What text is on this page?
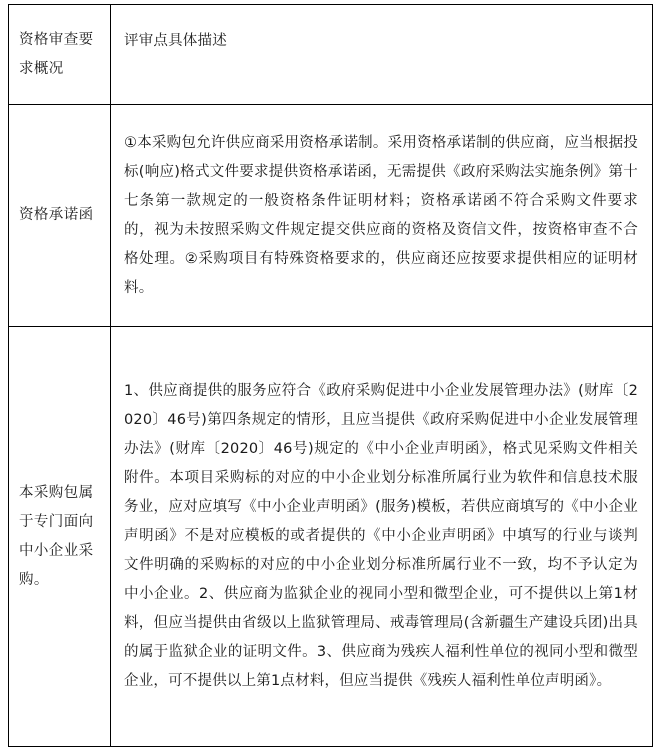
资格审查要求概况	评审点具体描述

资格承诺函	①本采购包允许供应商采用资格承诺制。采用资格承诺制的供应商，应当根据投标(响应)格式文件要求提供资格承诺函，无需提供《政府采购法实施条例》第十七条第一款规定的一般资格条件证明材料；资格承诺函不符合采购文件要求的，视为未按照采购文件规定提交供应商的资格及资信文件，按资格审查不合格处理。②采购项目有特殊资格要求的，供应商还应按要求提供相应的证明材料。

本采购包属于专门面向中小企业采购。	1、供应商提供的服务应符合《政府采购促进中小企业发展管理办法》(财库〔2020〕46号)第四条规定的情形，且应当提供《政府采购促进中小企业发展管理办法》(财库〔2020〕46号)规定的《中小企业声明函》，格式见采购文件相关附件。本项目采购标的对应的中小企业划分标准所属行业为软件和信息技术服务业，应对应填写《中小企业声明函》(服务)模板，若供应商填写的《中小企业声明函》不是对应模板的或者提供的《中小企业声明函》中填写的行业与谈判文件明确的采购标的对应的中小企业划分标准所属行业不一致，均不予认定为中小企业。2、供应商为监狱企业的视同小型和微型企业，可不提供以上第1材料，但应当提供由省级以上监狱管理局、戒毒管理局(含新疆生产建设兵团)出具的属于监狱企业的证明文件。3、供应商为残疾人福利性单位的视同小型和微型企业，可不提供以上第1点材料，但应当提供《残疾人福利性单位声明函》。
